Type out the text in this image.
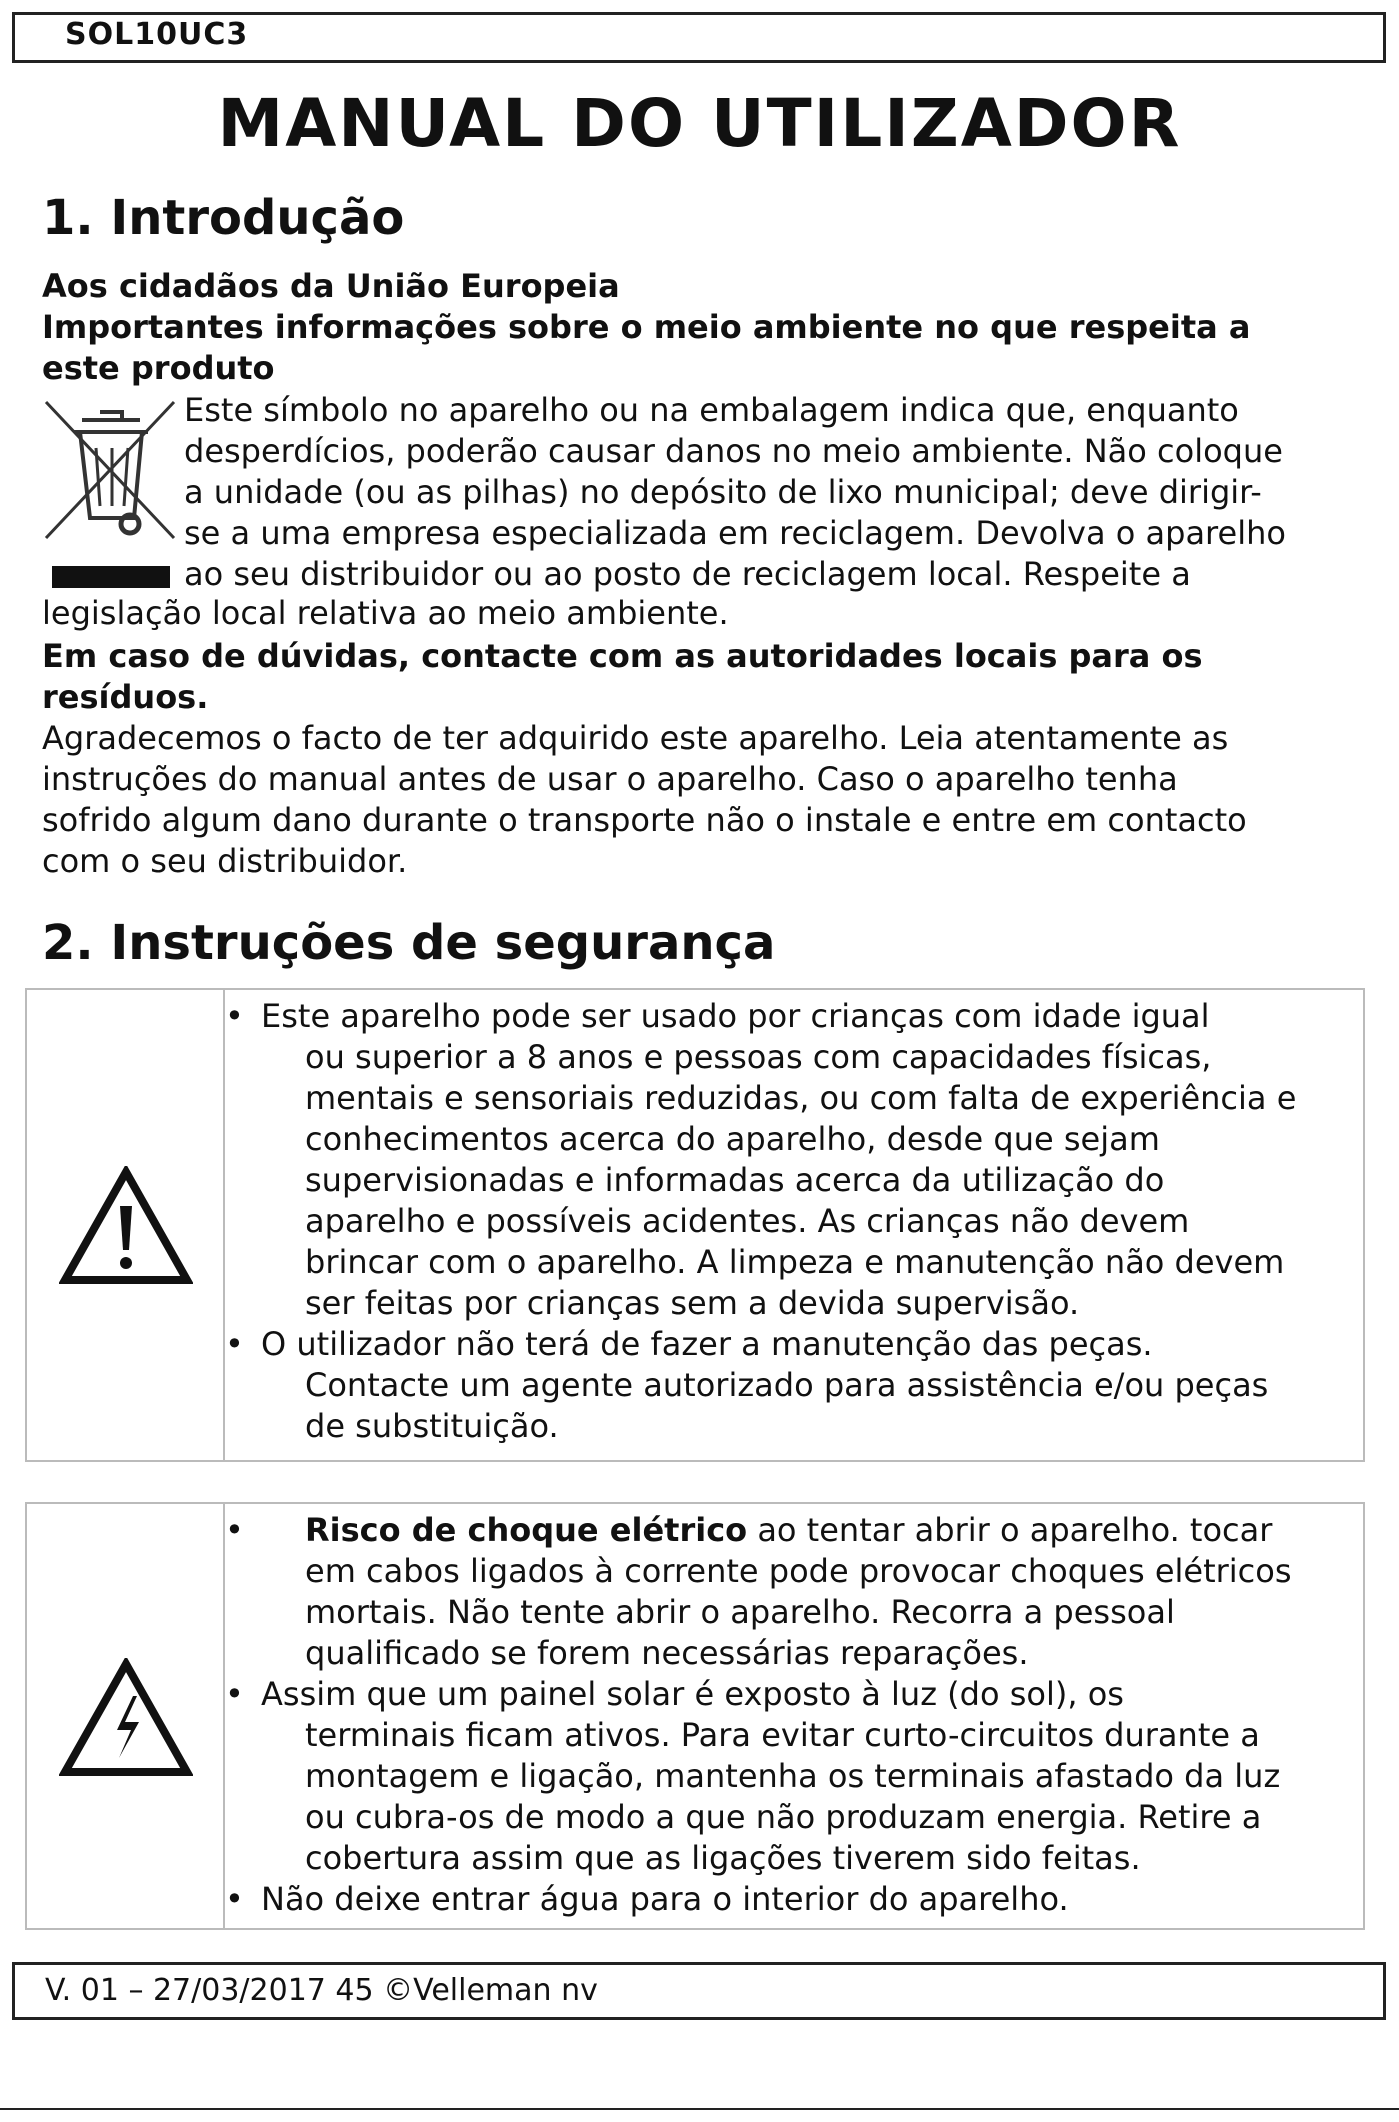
SOL10UC3
MANUAL DO UTILIZADOR
1. Introdução
Aos cidadãos da União Europeia
Importantes informações sobre o meio ambiente no que respeita a
este produto
Este símbolo no aparelho ou na embalagem indica que, enquanto
desperdícios, poderão causar danos no meio ambiente. Não coloque
a unidade (ou as pilhas) no depósito de lixo municipal; deve dirigir-
se a uma empresa especializada em reciclagem. Devolva o aparelho
ao seu distribuidor ou ao posto de reciclagem local. Respeite a
legislação local relativa ao meio ambiente.
Em caso de dúvidas, contacte com as autoridades locais para os
resíduos.
Agradecemos o facto de ter adquirido este aparelho. Leia atentamente as
instruções do manual antes de usar o aparelho. Caso o aparelho tenha
sofrido algum dano durante o transporte não o instale e entre em contacto
com o seu distribuidor.
2. Instruções de segurança
• Este aparelho pode ser usado por crianças com idade igual
ou superior a 8 anos e pessoas com capacidades físicas,
mentais e sensoriais reduzidas, ou com falta de experiência e
conhecimentos acerca do aparelho, desde que sejam
supervisionadas e informadas acerca da utilização do
aparelho e possíveis acidentes. As crianças não devem
brincar com o aparelho. A limpeza e manutenção não devem
ser feitas por crianças sem a devida supervisão.
• O utilizador não terá de fazer a manutenção das peças.
Contacte um agente autorizado para assistência e/ou peças
de substituição.
•	Risco de choque elétrico ao tentar abrir o aparelho. tocar
em cabos ligados à corrente pode provocar choques elétricos
mortais. Não tente abrir o aparelho. Recorra a pessoal
qualificado se forem necessárias reparações.
• Assim que um painel solar é exposto à luz (do sol), os
terminais ficam ativos. Para evitar curto-circuitos durante a
montagem e ligação, mantenha os terminais afastado da luz
ou cubra-os de modo a que não produzam energia. Retire a
cobertura assim que as ligações tiverem sido feitas.
• Não deixe entrar água para o interior do aparelho.
V. 01 – 27/03/2017 45 ©Velleman nv
